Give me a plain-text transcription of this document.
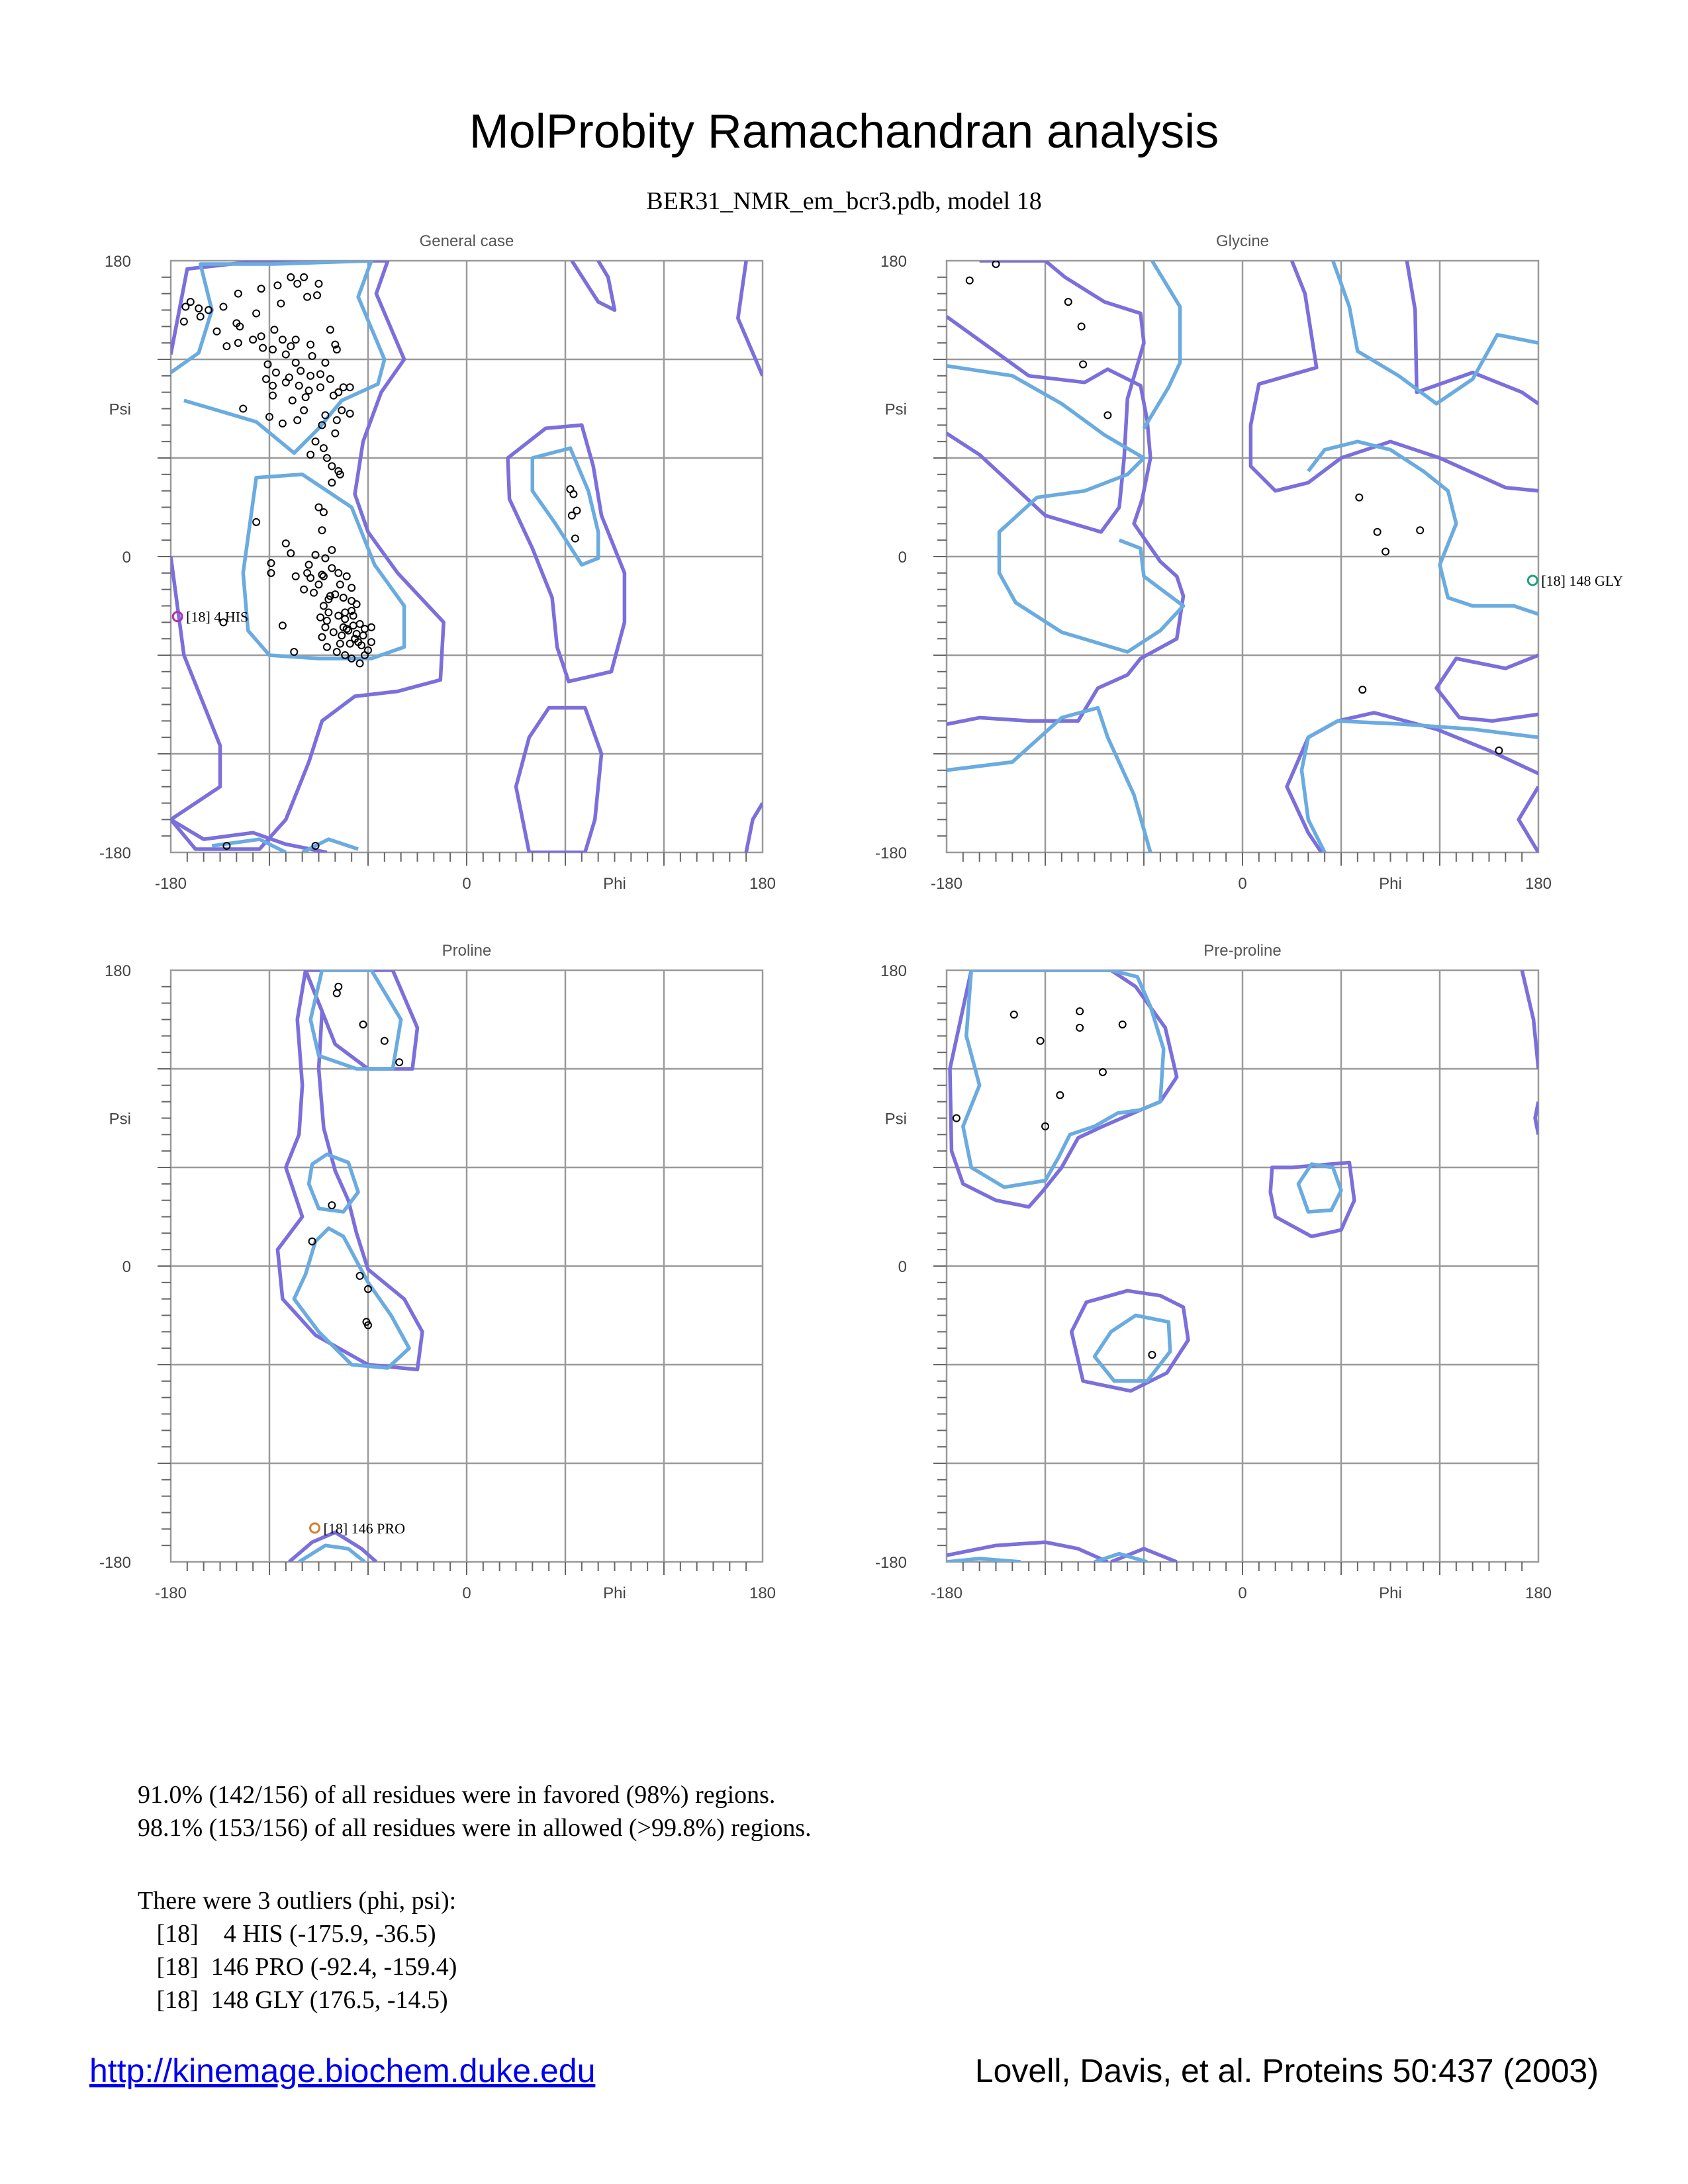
MolProbity Ramachandran analysis
BER31_NMR_em_bcr3.pdb, model 18
General case
-180	0	Phi	180
180
Psi
0
-180
[18] 4 HIS
Glycine
-180	0	Phi	180
180
Psi
0
-180
[18] 148 GLY
Proline
-180	0	Phi	180
180
Psi
0
-180
[18] 146 PRO
Pre-proline
-180	0	Phi	180
180
Psi
0
-180
91.0% (142/156) of all residues were in favored (98%) regions.
98.1% (153/156) of all residues were in allowed (>99.8%) regions.
There were 3 outliers (phi, psi):
[18]    4 HIS (-175.9, -36.5)
[18]  146 PRO (-92.4, -159.4)
[18]  148 GLY (176.5, -14.5)
http://kinemage.biochem.duke.edu	Lovell, Davis, et al. Proteins 50:437 (2003)
